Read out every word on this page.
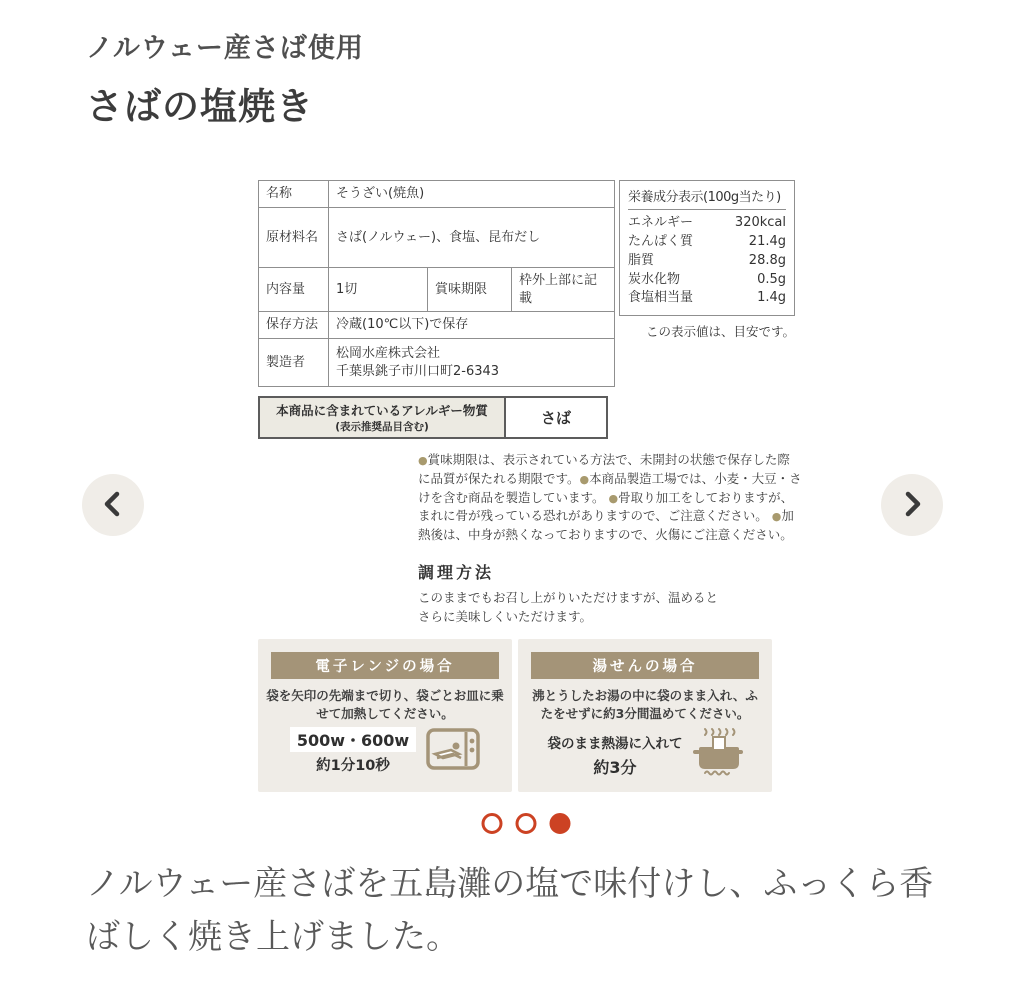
ノルウェー産さば使用
さばの塩焼き
名称	そうざい(焼魚)		
原材料名	さば(ノルウェー)、食塩、昆布だし		
内容量	1切	賞味期限	枠外上部に記載
保存方法	冷蔵(10℃以下)で保存		
製造者	松岡水産株式会社
千葉県銚子市川口町2-6343		
栄養成分表示(100g当たり)
エネルギー	320kcal
たんぱく質	21.4g
脂質	28.8g
炭水化物	0.5g
食塩相当量	1.4g
この表示値は、目安です。
本商品に含まれているアレルギー物質
(表示推奨品目含む)	さば

●賞味期限は、表示されている方法で、未開封の状態で保存した際に品質が保たれる期限です。●本商品製造工場では、小麦・大豆・さけを含む商品を製造しています。 ●骨取り加工をしておりますが、まれに骨が残っている恐れがありますので、ご注意ください。 ●加熱後は、中身が熱くなっておりますので、火傷にご注意ください。

調理方法

このままでもお召し上がりいただけますが、温めるとさらに美味しくいただけます。

電子レンジの場合

袋を矢印の先端まで切り、袋ごとお皿に乗せて加熱してください。

500w・600w
約1分10秒
湯せんの場合

沸とうしたお湯の中に袋のまま入れ、ふたをせずに約3分間温めてください。

袋のまま熱湯に入れて
約3分

ノルウェー産さばを五島灘の塩で味付けし、ふっくら香ばしく焼き上げました。
